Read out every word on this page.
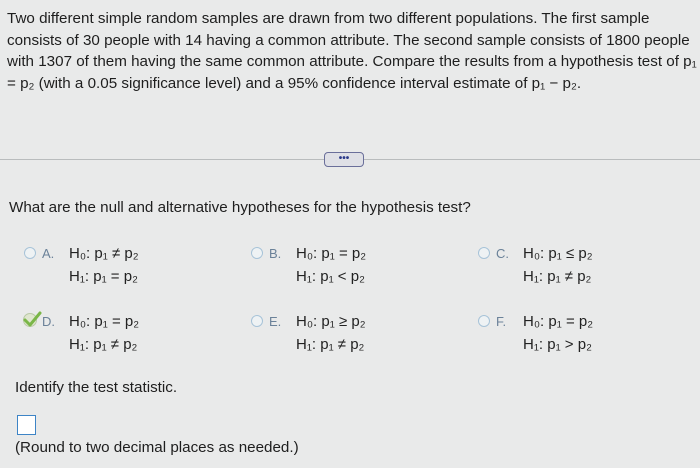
Two different simple random samples are drawn from two different populations. The first sample consists of 30 people with 14 having a common attribute. The second sample consists of 1800 people with 1307 of them having the same common attribute. Compare the results from a hypothesis test of p₁ = p₂ (with a 0.05 significance level) and a 95% confidence interval estimate of p₁ − p₂.

•••

What are the null and alternative hypotheses for the hypothesis test?

A. H₀: p₁ ≠ p₂
H₁: p₁ = p₂
B. H₀: p₁ = p₂
H₁: p₁ < p₂
C. H₀: p₁ ≤ p₂
H₁: p₁ ≠ p₂
D. H₀: p₁ = p₂
H₁: p₁ ≠ p₂
E. H₀: p₁ ≥ p₂
H₁: p₁ ≠ p₂
F. H₀: p₁ = p₂
H₁: p₁ > p₂

Identify the test statistic.

(Round to two decimal places as needed.)
